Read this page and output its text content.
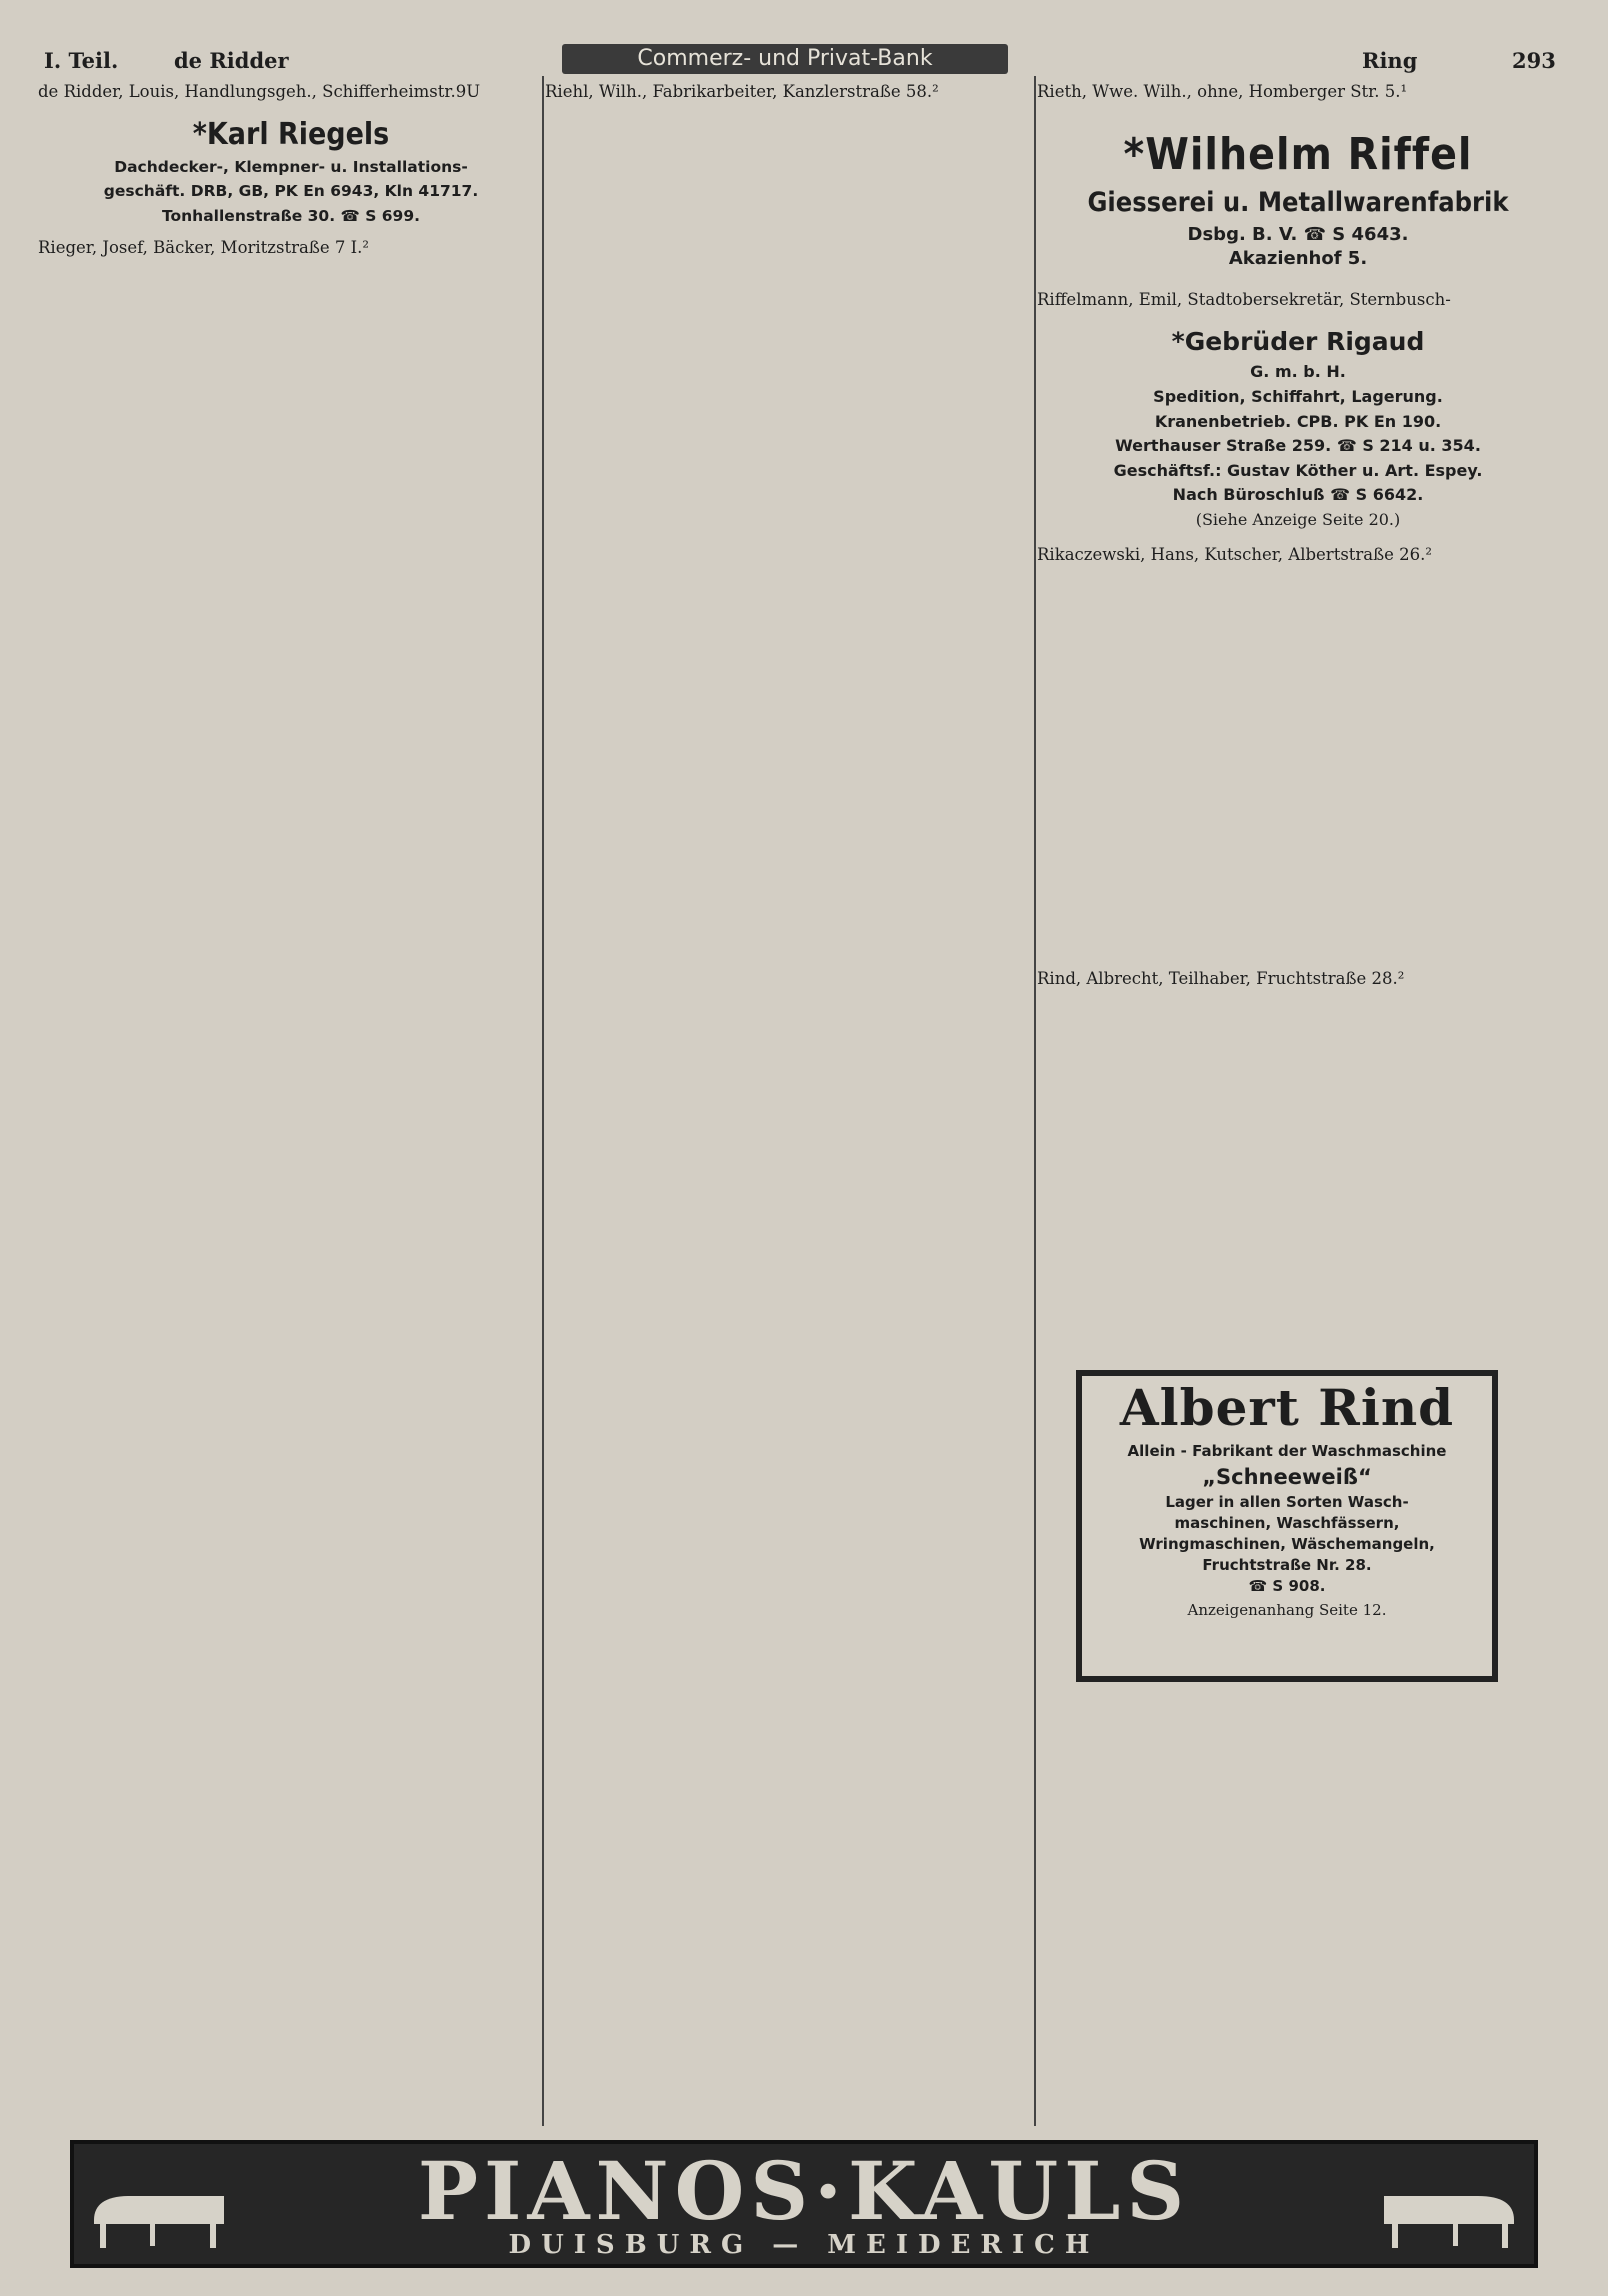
I. Teil.	de Ridder	Commerz- und Privat-Bank	Ring	293
de Ridder, Louis, Handlungsgeh., Schifferheimstr.9U
*Karl Riegels
Dachdecker-, Klempner- u. Installations-
geschäft. DRB, GB, PK En 6943, Kln 41717.
Tonhallenstraße 30. ☎ S 699.
Rieger, Josef, Bäcker, Moritzstraße 7 I.²
Riehl, Wilh., Fabrikarbeiter, Kanzlerstraße 58.²	Rieth, Wwe. Wilh., ohne, Homberger Str. 5.¹
*Wilhelm Riffel
Giesserei u. Metallwarenfabrik
Dsbg. B. V. ☎ S 4643.
Akazienhof 5.
Riffelmann, Emil, Stadtobersekretär, Sternbusch-
*Gebrüder Rigaud
G. m. b. H.
Spedition, Schiffahrt, Lagerung.
Kranenbetrieb. CPB. PK En 190.
Werthauser Straße 259. ☎ S 214 u. 354.
Geschäftsf.: Gustav Köther u. Art. Espey.
Nach Büroschluß ☎ S 6642.
(Siehe Anzeige Seite 20.)
Rikaczewski, Hans, Kutscher, Albertstraße 26.²
Rind, Albrecht, Teilhaber, Fruchtstraße 28.²
Albert Rind
Allein - Fabrikant der Waschmaschine
„Schneeweiß“
Lager in allen Sorten Wasch-
maschinen, Waschfässern,
Wringmaschinen, Wäschemangeln,
Fruchtstraße Nr. 28.
☎ S 908.
Anzeigenanhang Seite 12.
PIANOS·KAULS
DUISBURG — MEIDERICH
